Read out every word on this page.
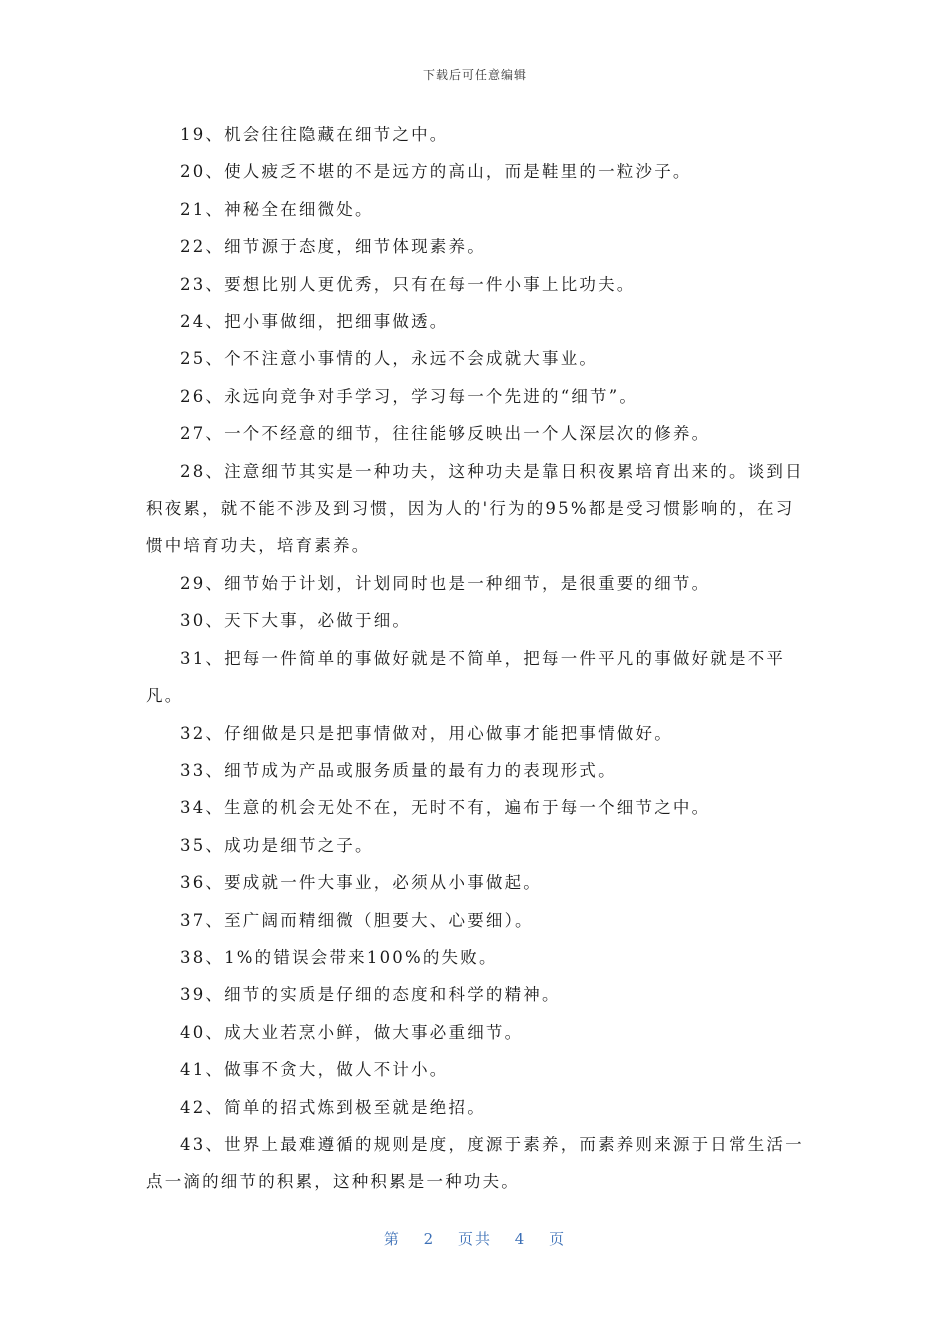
下载后可任意编辑

19、机会往往隐藏在细节之中。

20、使人疲乏不堪的不是远方的高山，而是鞋里的一粒沙子。

21、神秘全在细微处。

22、细节源于态度，细节体现素养。

23、要想比别人更优秀，只有在每一件小事上比功夫。

24、把小事做细，把细事做透。

25、个不注意小事情的人，永远不会成就大事业。

26、永远向竞争对手学习，学习每一个先进的“细节”。

27、一个不经意的细节，往往能够反映出一个人深层次的修养。

28、注意细节其实是一种功夫，这种功夫是靠日积夜累培育出来的。谈到日积夜累，就不能不涉及到习惯，因为人的'行为的95%都是受习惯影响的，在习惯中培育功夫，培育素养。

29、细节始于计划，计划同时也是一种细节，是很重要的细节。

30、天下大事，必做于细。

31、把每一件简单的事做好就是不简单，把每一件平凡的事做好就是不平凡。

32、仔细做是只是把事情做对，用心做事才能把事情做好。

33、细节成为产品或服务质量的最有力的表现形式。

34、生意的机会无处不在，无时不有，遍布于每一个细节之中。

35、成功是细节之子。

36、要成就一件大事业，必须从小事做起。

37、至广阔而精细微（胆要大、心要细）。

38、1%的错误会带来100%的失败。

39、细节的实质是仔细的态度和科学的精神。

40、成大业若烹小鲜，做大事必重细节。

41、做事不贪大，做人不计小。

42、简单的招式炼到极至就是绝招。

43、世界上最难遵循的规则是度，度源于素养，而素养则来源于日常生活一点一滴的细节的积累，这种积累是一种功夫。

第 2 页共 4 页
